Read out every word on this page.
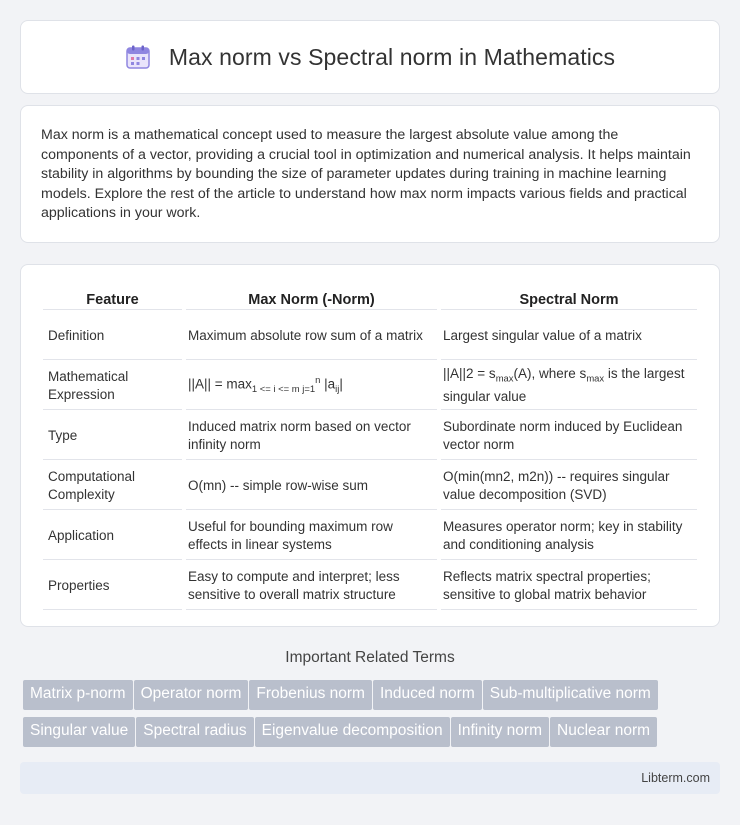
Max norm vs Spectral norm in Mathematics

Max norm is a mathematical concept used to measure the largest absolute value among the components of a vector, providing a crucial tool in optimization and numerical analysis. It helps maintain stability in algorithms by bounding the size of parameter updates during training in machine learning models. Explore the rest of the article to understand how max norm impacts various fields and practical applications in your work.

Feature	Max Norm (-Norm)	Spectral Norm
Definition	Maximum absolute row sum of a matrix	Largest singular value of a matrix
Mathematical Expression	$||A|| = \max_{1 <= i <= m j=1}^n |a_{ij}|$	$||A||2 = s_{max}(A)$, where $s_{max}$ is the largest singular value
Type	Induced matrix norm based on vector infinity norm	Subordinate norm induced by Euclidean vector norm
Computational Complexity	O(mn) -- simple row-wise sum	O(min(mn2, m2n)) -- requires singular value decomposition (SVD)
Application	Useful for bounding maximum row effects in linear systems	Measures operator norm; key in stability and conditioning analysis
Properties	Easy to compute and interpret; less sensitive to overall matrix structure	Reflects matrix spectral properties; sensitive to global matrix behavior
Important Related Terms
Matrix p-norm Operator norm Frobenius norm Induced norm Sub-multiplicative norm
Singular value Spectral radius Eigenvalue decomposition Infinity norm Nuclear norm
Libterm.com
